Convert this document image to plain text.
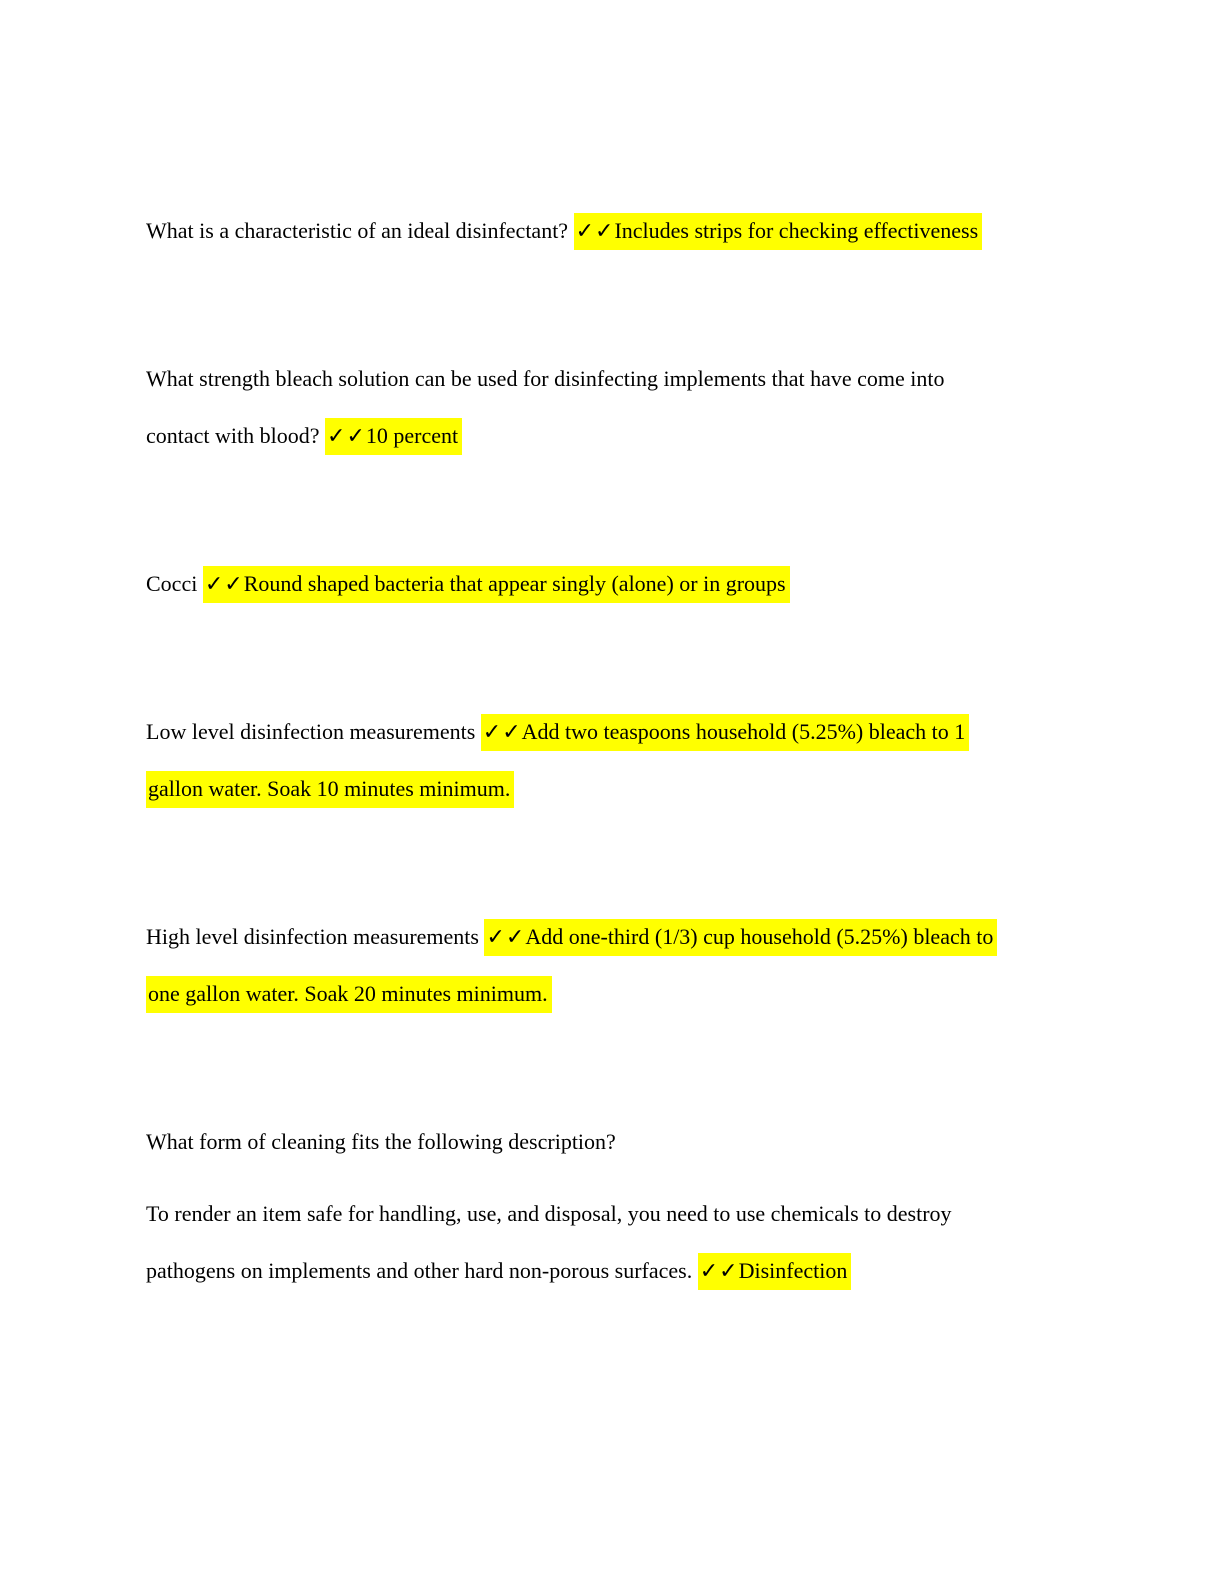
What is a characteristic of an ideal disinfectant? ✓✓Includes strips for checking effectiveness
What strength bleach solution can be used for disinfecting implements that have come into
contact with blood? ✓✓10 percent
Cocci ✓✓Round shaped bacteria that appear singly (alone) or in groups
Low level disinfection measurements ✓✓Add two teaspoons household (5.25%) bleach to 1
gallon water. Soak 10 minutes minimum.
High level disinfection measurements ✓✓Add one-third (1/3) cup household (5.25%) bleach to
one gallon water. Soak 20 minutes minimum.
What form of cleaning fits the following description?
To render an item safe for handling, use, and disposal, you need to use chemicals to destroy
pathogens on implements and other hard non-porous surfaces. ✓✓Disinfection
